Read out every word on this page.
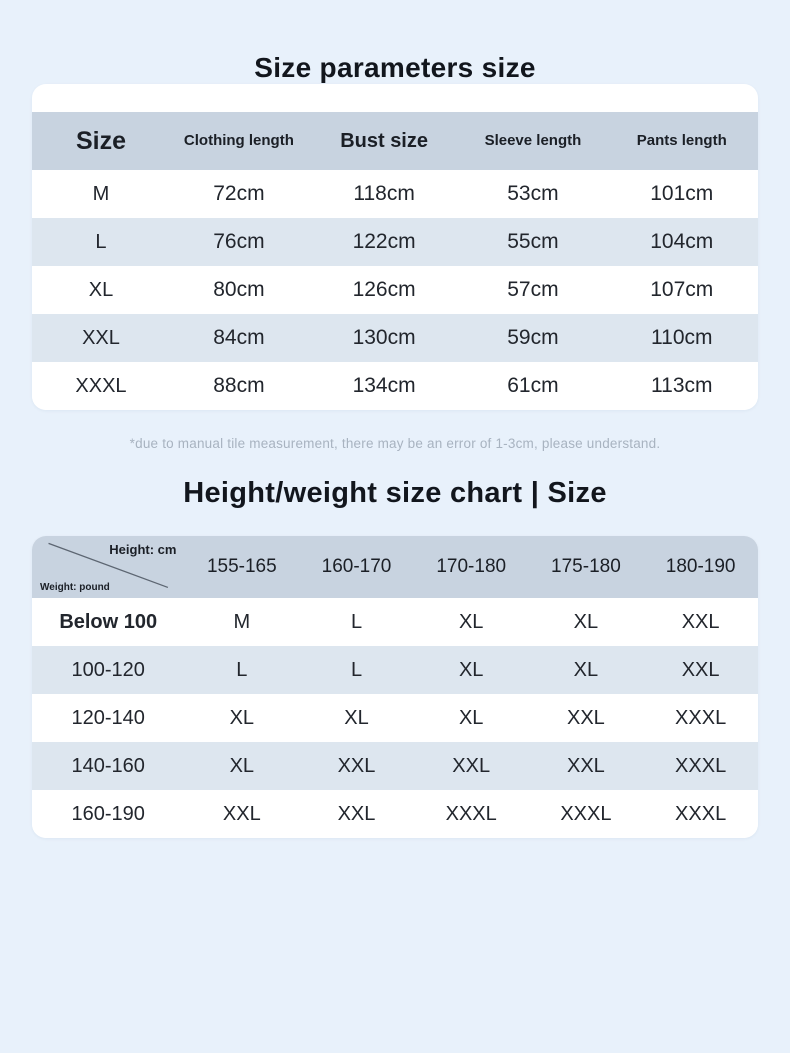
Size parameters size
Size	Clothing length	Bust size	Sleeve length	Pants length
M	72cm	118cm	53cm	101cm
L	76cm	122cm	55cm	104cm
XL	80cm	126cm	57cm	107cm
XXL	84cm	130cm	59cm	110cm
XXXL	88cm	134cm	61cm	113cm
*due to manual tile measurement, there may be an error of 1-3cm, please understand.
Height/weight size chart | Size
Height: cm
Weight: pound	155-165	160-170	170-180	175-180	180-190
Below 100	M	L	XL	XL	XXL
100-120	L	L	XL	XL	XXL
120-140	XL	XL	XL	XXL	XXXL
140-160	XL	XXL	XXL	XXL	XXXL
160-190	XXL	XXL	XXXL	XXXL	XXXL
